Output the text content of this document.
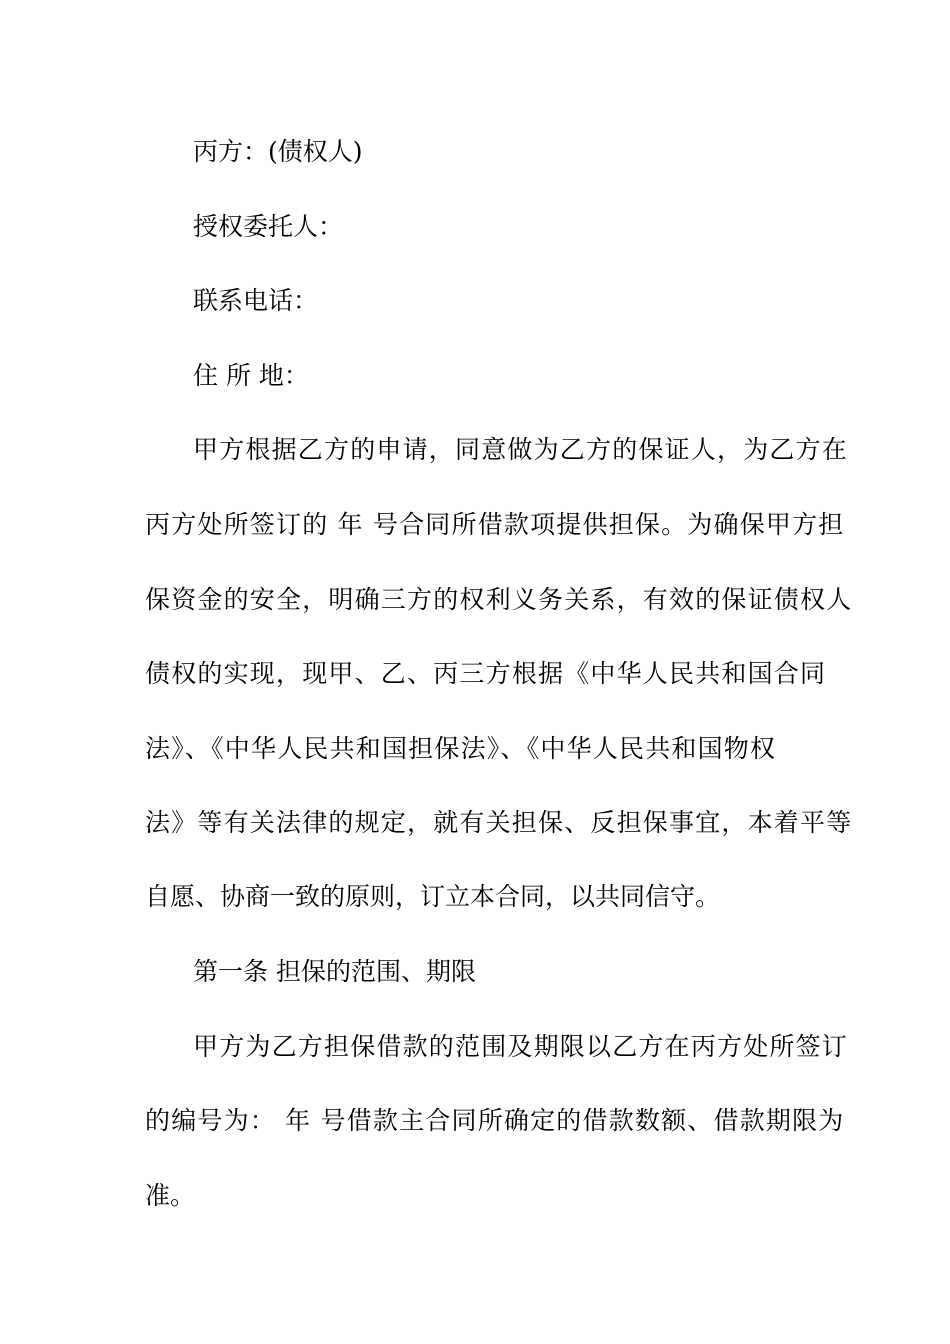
丙方：(债权人)
授权委托人：
联系电话：
住 所 地：
甲方根据乙方的申请，同意做为乙方的保证人，为乙方在
丙方处所签订的 年 号合同所借款项提供担保。为确保甲方担
保资金的安全，明确三方的权利义务关系，有效的保证债权人
债权的实现，现甲、乙、丙三方根据《中华人民共和国合同
法》、《中华人民共和国担保法》、《中华人民共和国物权
法》等有关法律的规定，就有关担保、反担保事宜，本着平等
自愿、协商一致的原则，订立本合同，以共同信守。
第一条 担保的范围、期限
甲方为乙方担保借款的范围及期限以乙方在丙方处所签订
的编号为： 年 号借款主合同所确定的借款数额、借款期限为
准。
